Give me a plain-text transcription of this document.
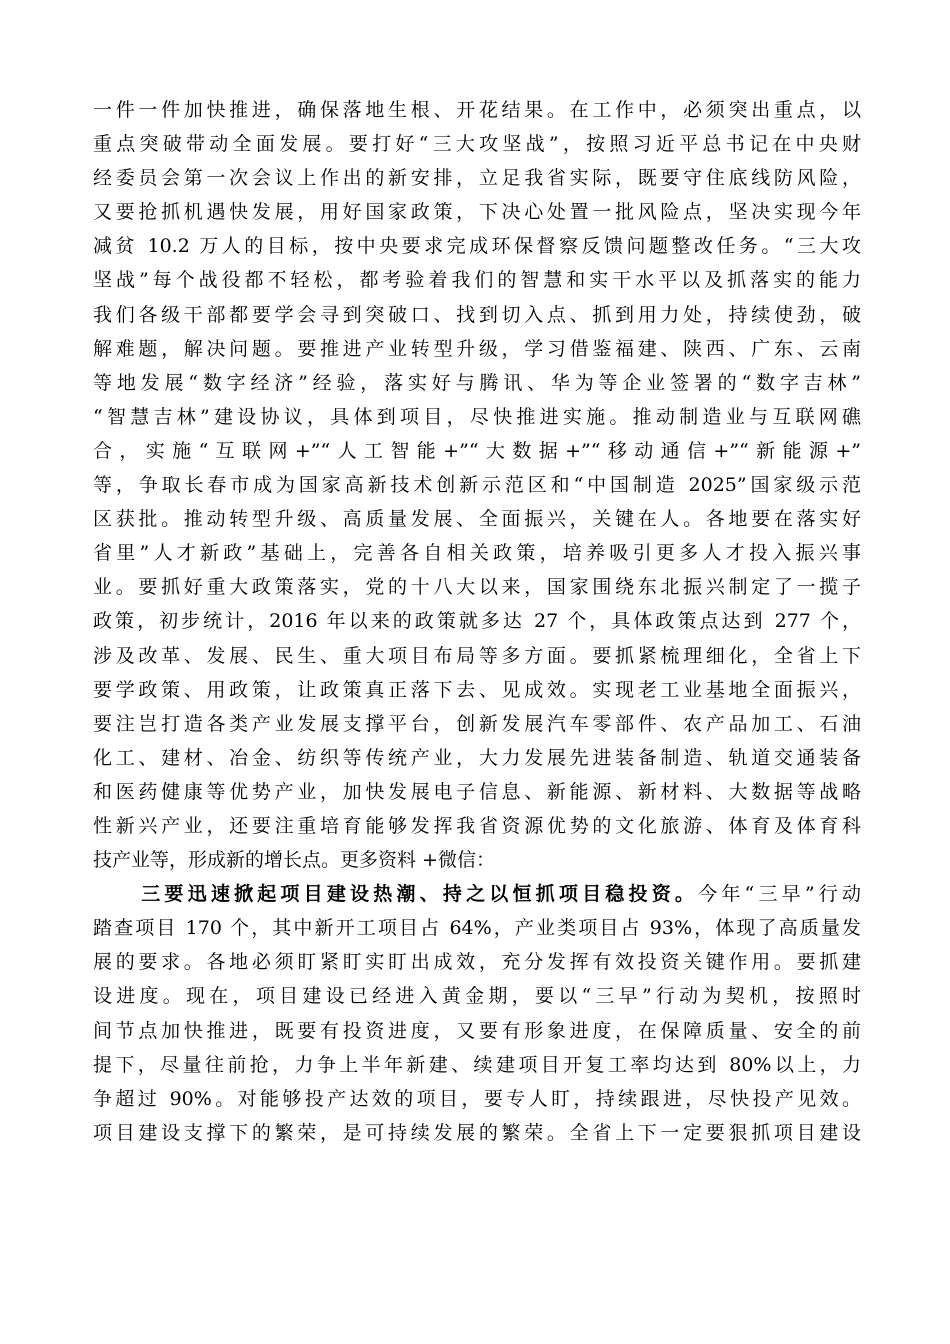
一件一件加快推进，确保落地生根、开花结果。在工作中，必须突出重点，以
重点突破带动全面发展。要打好“三大攻坚战”，按照习近平总书记在中央财
经委员会第一次会议上作出的新安排，立足我省实际，既要守住底线防风险，
又要抢抓机遇快发展，用好国家政策，下决心处置一批风险点，坚决实现今年
减贫 10.2 万人的目标，按中央要求完成环保督察反馈问题整改任务。“三大攻
坚战”每个战役都不轻松，都考验着我们的智慧和实干水平以及抓落实的能力
我们各级干部都要学会寻到突破口、找到切入点、抓到用力处，持续使劲，破
解难题，解决问题。要推进产业转型升级，学习借鉴福建、陕西、广东、云南
等地发展“数字经济”经验，落实好与腾讯、华为等企业签署的“数字吉林”
“智慧吉林”建设协议，具体到项目，尽快推进实施。推动制造业与互联网礁
合，实施“互联网+”“人工智能+”“大数据+”“移动通信+”“新能源+”
等，争取长春市成为国家高新技术创新示范区和“中国制造 2025”国家级示范
区获批。推动转型升级、高质量发展、全面振兴，关键在人。各地要在落实好
省里”人才新政”基础上，完善各自相关政策，培养吸引更多人才投入振兴事
业。要抓好重大政策落实，党的十八大以来，国家围绕东北振兴制定了一揽子
政策，初步统计，2016 年以来的政策就多达 27 个，具体政策点达到 277 个，
涉及改革、发展、民生、重大项目布局等多方面。要抓紧梳理细化，全省上下
要学政策、用政策，让政策真正落下去、见成效。实现老工业基地全面振兴，
要注岂打造各类产业发展支撑平台，创新发展汽车零部件、农产品加工、石油
化工、建材、冶金、纺织等传统产业，大力发展先进装备制造、轨道交通装备
和医药健康等优势产业，加快发展电子信息、新能源、新材料、大数据等战略
性新兴产业，还要注重培育能够发挥我省资源优势的文化旅游、体育及体育科
技产业等，形成新的增长点。更多资料 +微信：
三要迅速掀起项目建设热潮、持之以恒抓项目稳投资。今年“三早”行动
踏查项目 170 个，其中新开工项目占 64%，产业类项目占 93%，体现了高质量发
展的要求。各地必须盯紧盯实盯出成效，充分发挥有效投资关键作用。要抓建
设进度。现在，项目建设已经进入黄金期，要以“三早”行动为契机，按照时
间节点加快推进，既要有投资进度，又要有形象进度，在保障质量、安全的前
提下，尽量往前抢，力争上半年新建、续建项目开复工率均达到 80%以上，力
争超过 90%。对能够投产达效的项目，要专人盯，持续跟进，尽快投产见效。
项目建设支撑下的繁荣，是可持续发展的繁荣。全省上下一定要狠抓项目建设
